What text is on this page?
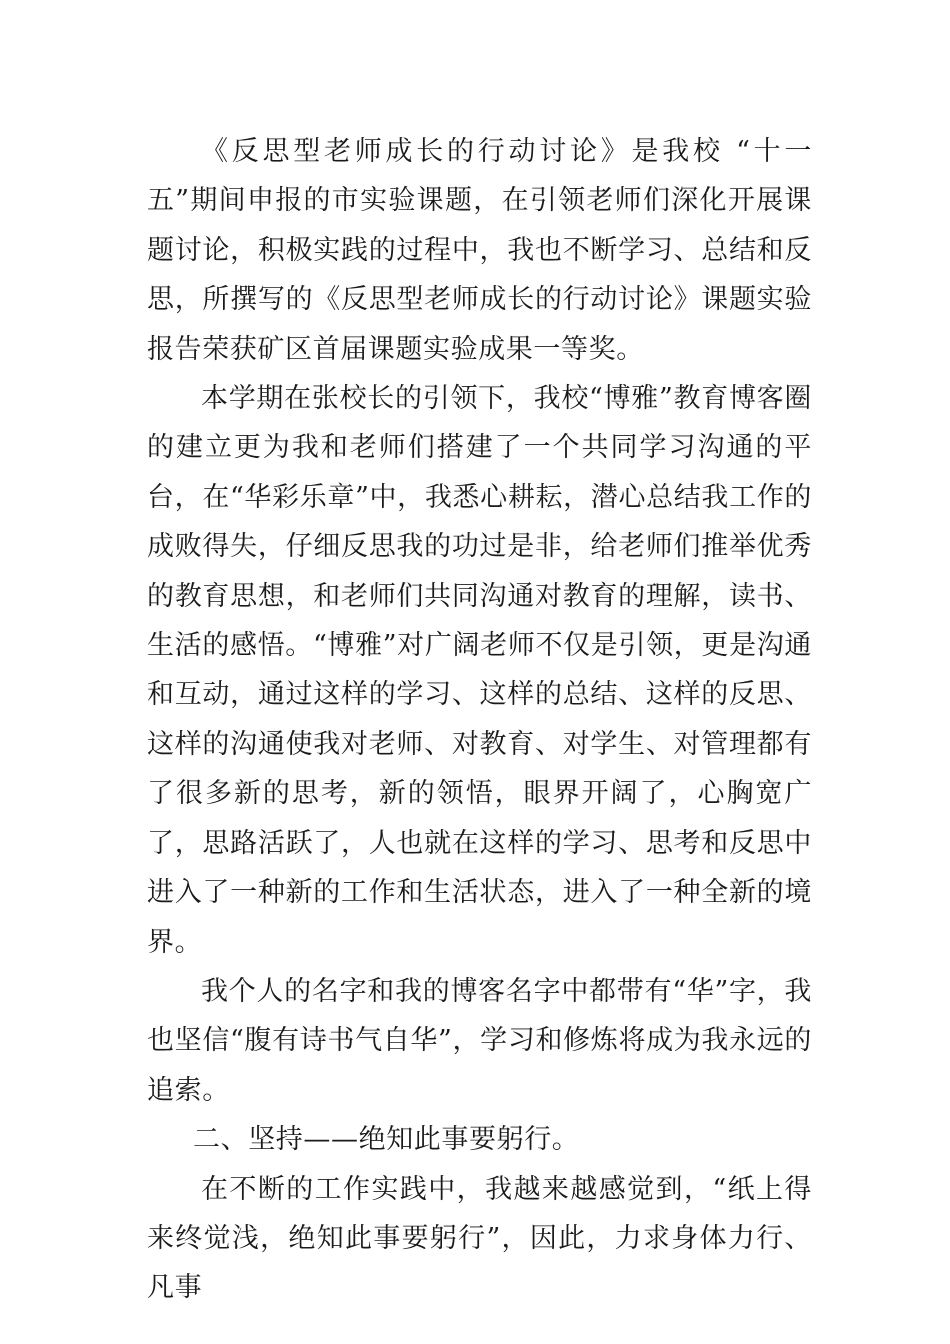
《反思型老师成长的行动讨论》是我校 “十一五”期间申报的市实验课题，在引领老师们深化开展课题讨论，积极实践的过程中，我也不断学习、总结和反思，所撰写的《反思型老师成长的行动讨论》课题实验报告荣获矿区首届课题实验成果一等奖。

本学期在张校长的引领下，我校“博雅”教育博客圈的建立更为我和老师们搭建了一个共同学习沟通的平台，在“华彩乐章”中，我悉心耕耘，潜心总结我工作的成败得失，仔细反思我的功过是非，给老师们推举优秀的教育思想，和老师们共同沟通对教育的理解，读书、生活的感悟。“博雅”对广阔老师不仅是引领，更是沟通和互动，通过这样的学习、这样的总结、这样的反思、这样的沟通使我对老师、对教育、对学生、对管理都有了很多新的思考，新的领悟，眼界开阔了，心胸宽广了，思路活跃了，人也就在这样的学习、思考和反思中进入了一种新的工作和生活状态，进入了一种全新的境界。

我个人的名字和我的博客名字中都带有“华”字，我也坚信“腹有诗书气自华”，学习和修炼将成为我永远的追索。

二、坚持——绝知此事要躬行。

在不断的工作实践中，我越来越感觉到，“纸上得来终觉浅，绝知此事要躬行”，因此，力求身体力行、凡事
